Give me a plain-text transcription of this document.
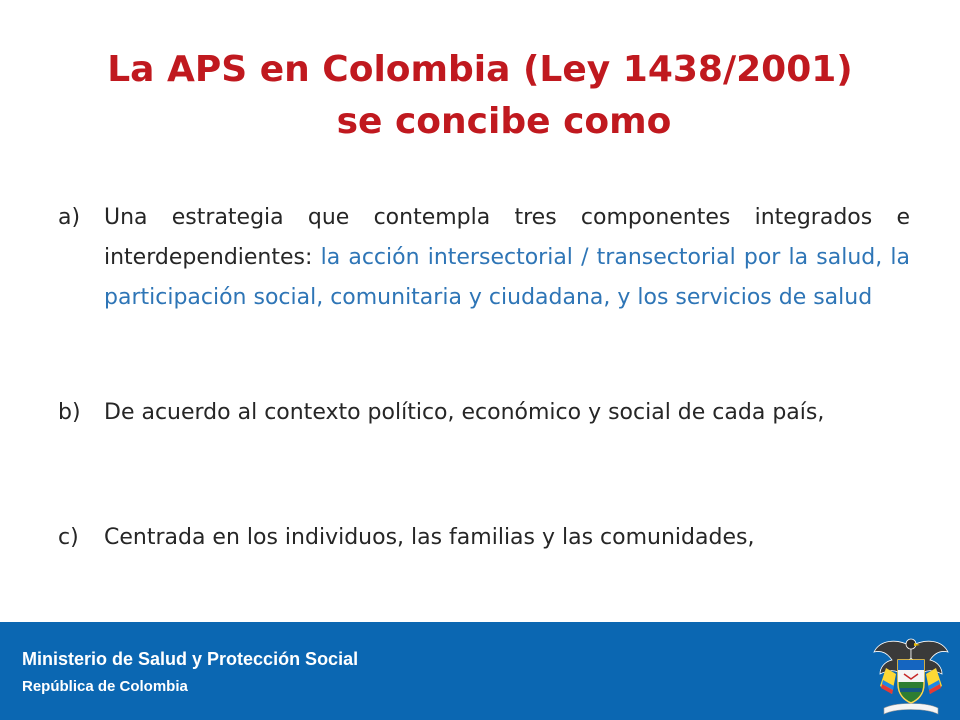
La APS en Colombia (Ley 1438/2001)
se concibe como
a)	Una estrategia que contempla tres componentes integrados e interdependientes: la acción intersectorial / transectorial por la salud, la participación social, comunitaria y ciudadana, y los servicios de salud
b)	De acuerdo al contexto político, económico y social de cada país,
c)	Centrada en los individuos, las familias y las comunidades,
Ministerio de Salud y Protección Social
República de Colombia
